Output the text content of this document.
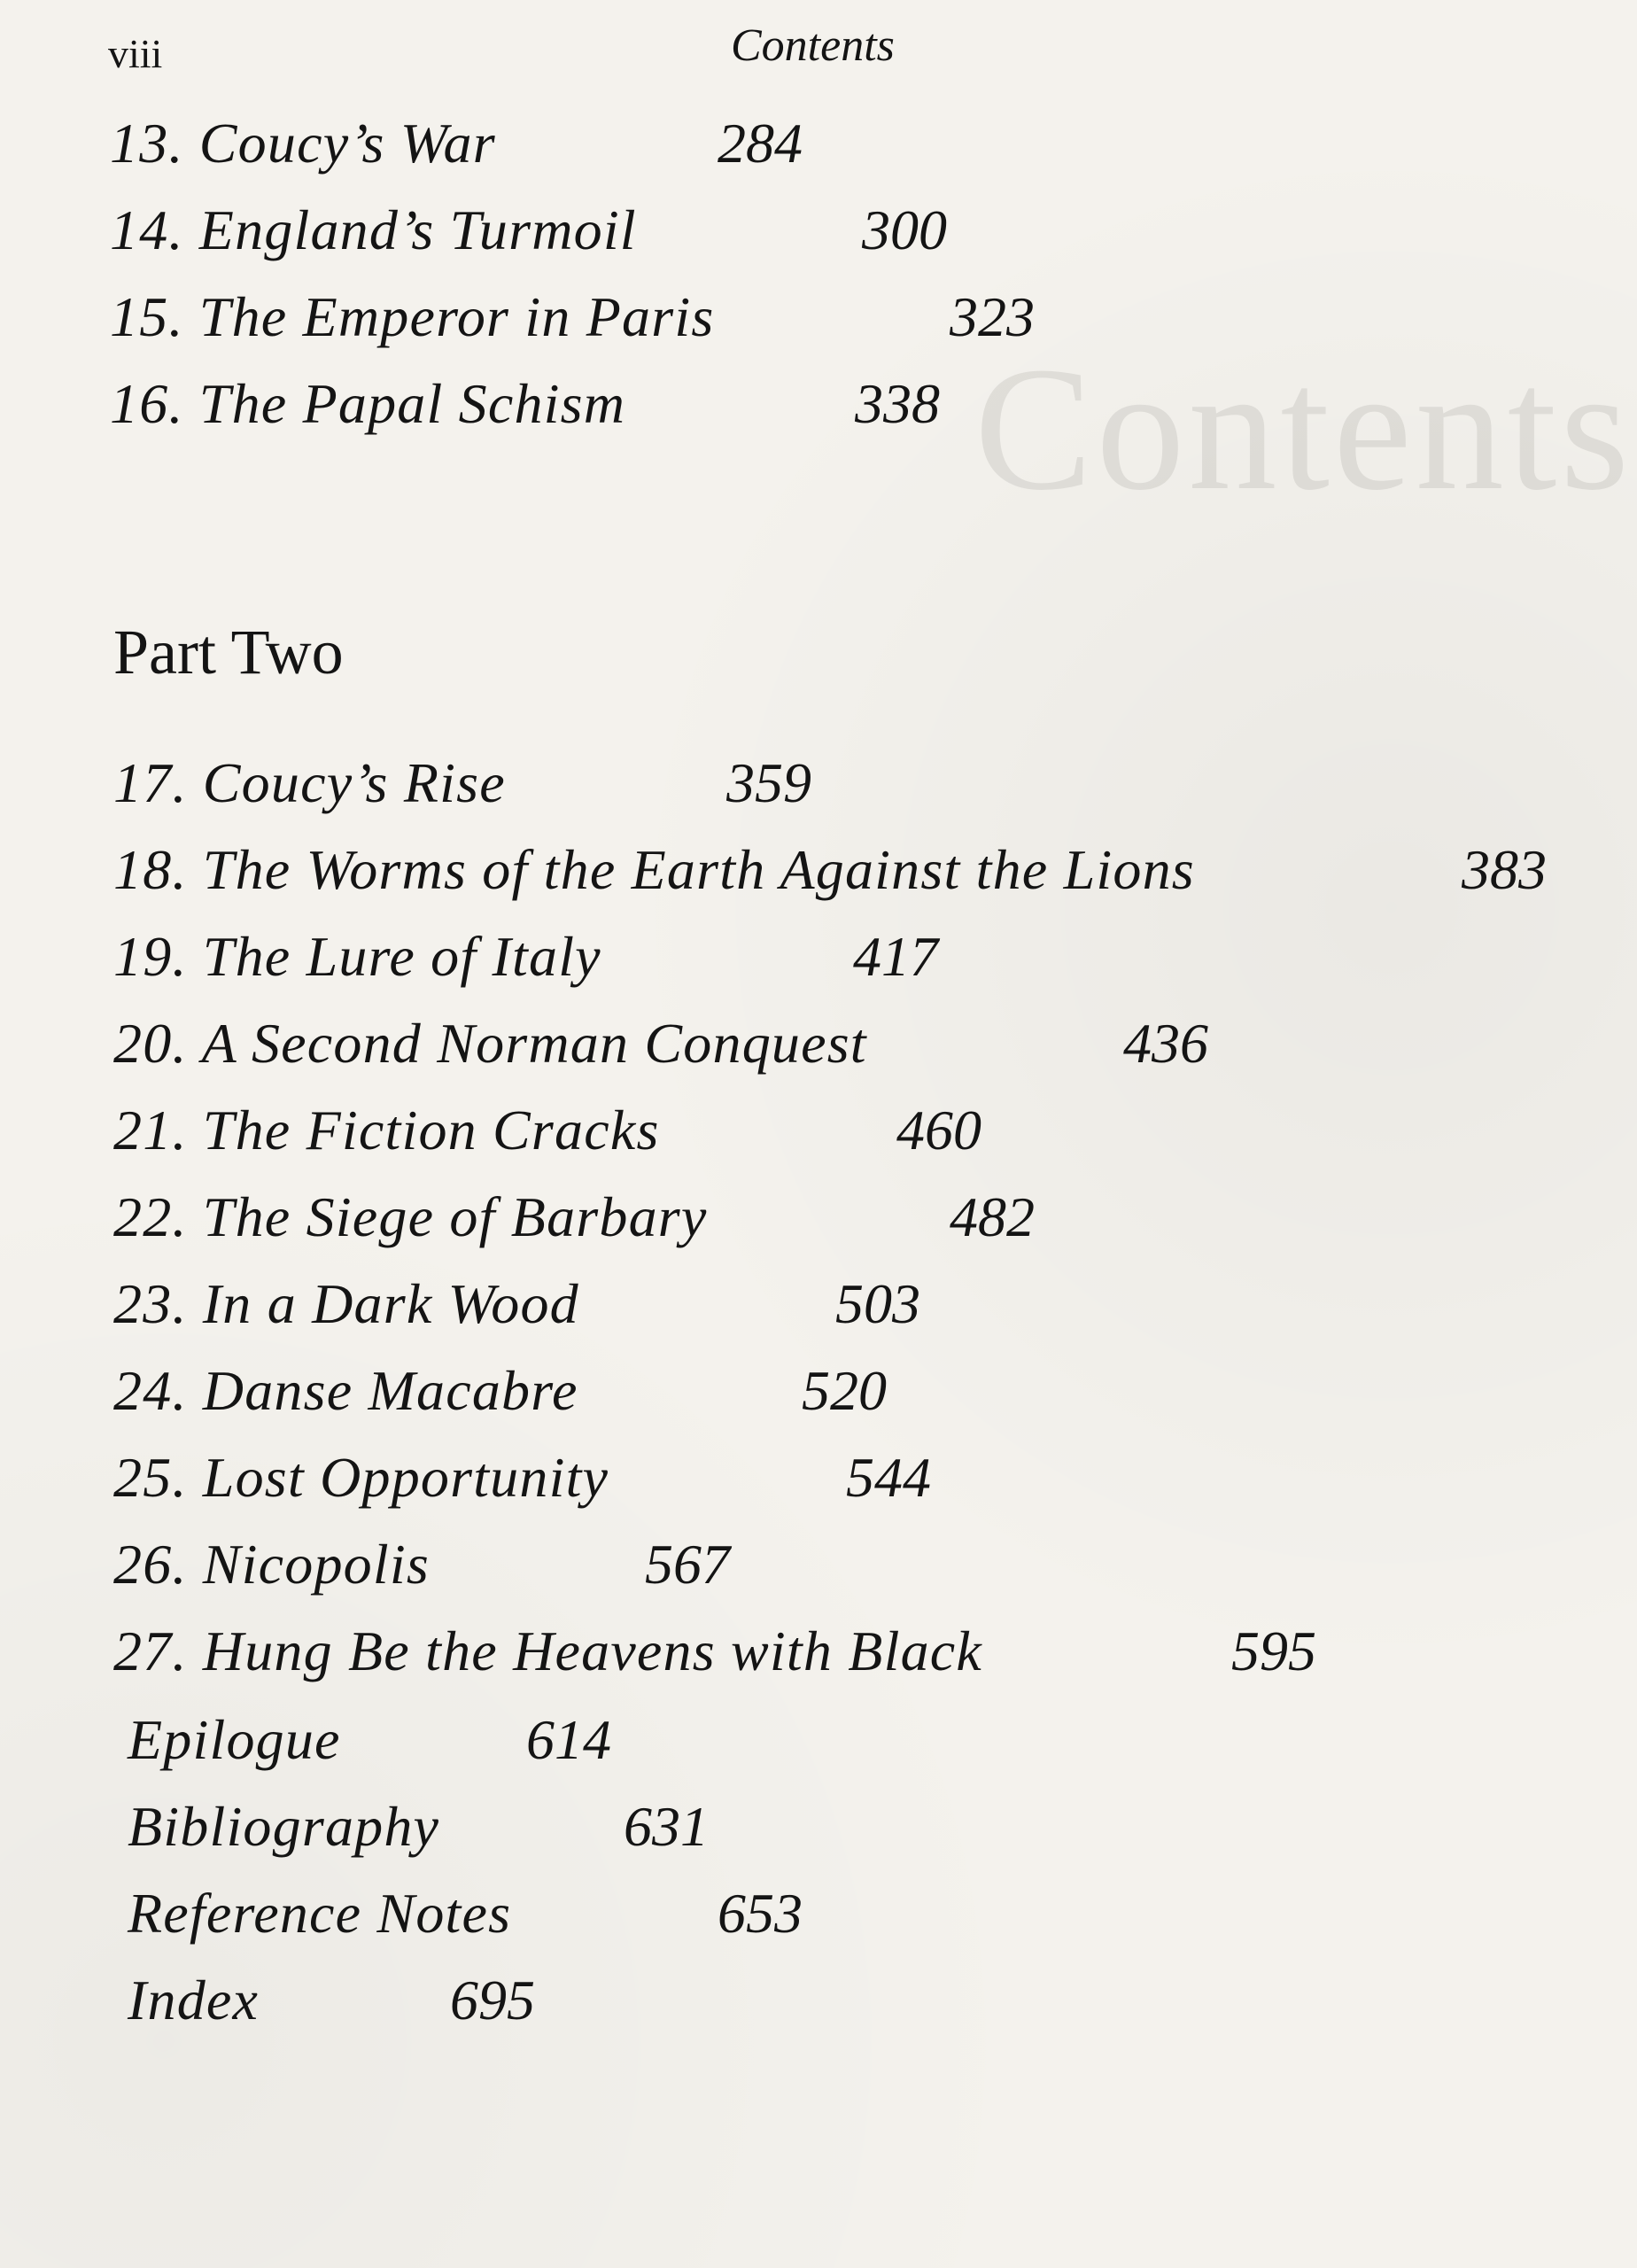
Contents
viii	Contents
13. Coucy’s War	284
14. England’s Turmoil	300
15. The Emperor in Paris	323
16. The Papal Schism	338
Part Two
17. Coucy’s Rise	359
18. The Worms of the Earth Against the Lions	383
19. The Lure of Italy	417
20. A Second Norman Conquest	436
21. The Fiction Cracks	460
22. The Siege of Barbary	482
23. In a Dark Wood	503
24. Danse Macabre	520
25. Lost Opportunity	544
26. Nicopolis	567
27. Hung Be the Heavens with Black	595
Epilogue	614
Bibliography	631
Reference Notes	653
Index	695
